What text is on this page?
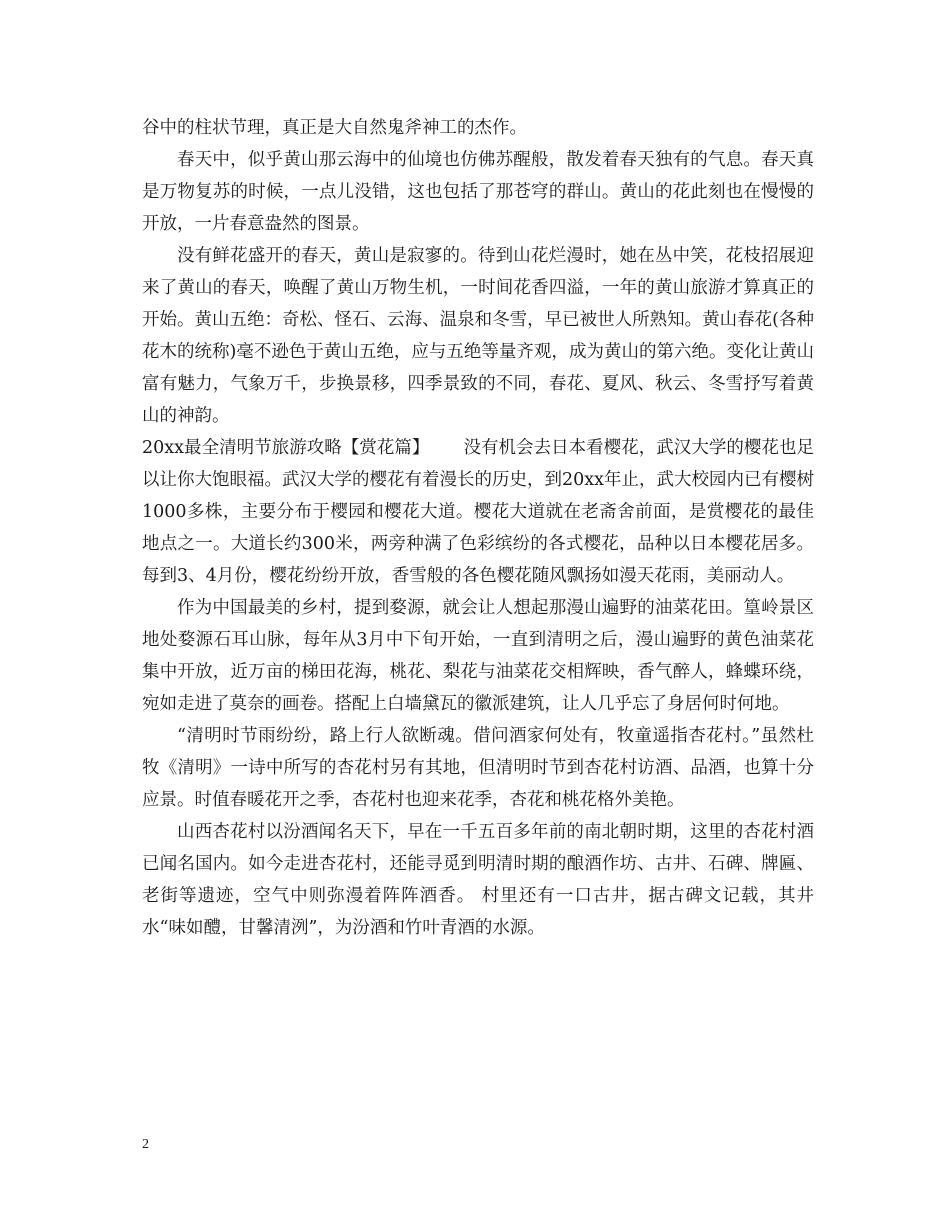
谷中的柱状节理，真正是大自然鬼斧神工的杰作。

春天中，似乎黄山那云海中的仙境也仿佛苏醒般，散发着春天独有的气息。春天真是万物复苏的时候，一点儿没错，这也包括了那苍穹的群山。黄山的花此刻也在慢慢的开放，一片春意盎然的图景。

没有鲜花盛开的春天，黄山是寂寥的。待到山花烂漫时，她在丛中笑，花枝招展迎来了黄山的春天，唤醒了黄山万物生机，一时间花香四溢，一年的黄山旅游才算真正的开始。黄山五绝：奇松、怪石、云海、温泉和冬雪，早已被世人所熟知。黄山春花(各种花木的统称)毫不逊色于黄山五绝，应与五绝等量齐观，成为黄山的第六绝。变化让黄山富有魅力，气象万千，步换景移，四季景致的不同，春花、夏风、秋云、冬雪抒写着黄山的神韵。

20xx最全清明节旅游攻略【赏花篇】 没有机会去日本看樱花，武汉大学的樱花也足以让你大饱眼福。武汉大学的樱花有着漫长的历史，到20xx年止，武大校园内已有樱树1000多株，主要分布于樱园和樱花大道。樱花大道就在老斋舍前面，是赏樱花的最佳地点之一。大道长约300米，两旁种满了色彩缤纷的各式樱花，品种以日本樱花居多。每到3、4月份，樱花纷纷开放，香雪般的各色樱花随风飘扬如漫天花雨，美丽动人。

作为中国最美的乡村，提到婺源，就会让人想起那漫山遍野的油菜花田。篁岭景区地处婺源石耳山脉，每年从3月中下旬开始，一直到清明之后，漫山遍野的黄色油菜花集中开放，近万亩的梯田花海，桃花、梨花与油菜花交相辉映，香气醉人，蜂蝶环绕，宛如走进了莫奈的画卷。搭配上白墙黛瓦的徽派建筑，让人几乎忘了身居何时何地。

“清明时节雨纷纷，路上行人欲断魂。借问酒家何处有，牧童遥指杏花村。”虽然杜牧《清明》一诗中所写的杏花村另有其地，但清明时节到杏花村访酒、品酒，也算十分应景。时值春暖花开之季，杏花村也迎来花季，杏花和桃花格外美艳。

山西杏花村以汾酒闻名天下，早在一千五百多年前的南北朝时期，这里的杏花村酒已闻名国内。如今走进杏花村，还能寻觅到明清时期的酿酒作坊、古井、石碑、牌匾、老街等遗迹，空气中则弥漫着阵阵酒香。 村里还有一口古井，据古碑文记载，其井水“味如醴，甘馨清洌”，为汾酒和竹叶青酒的水源。

2
